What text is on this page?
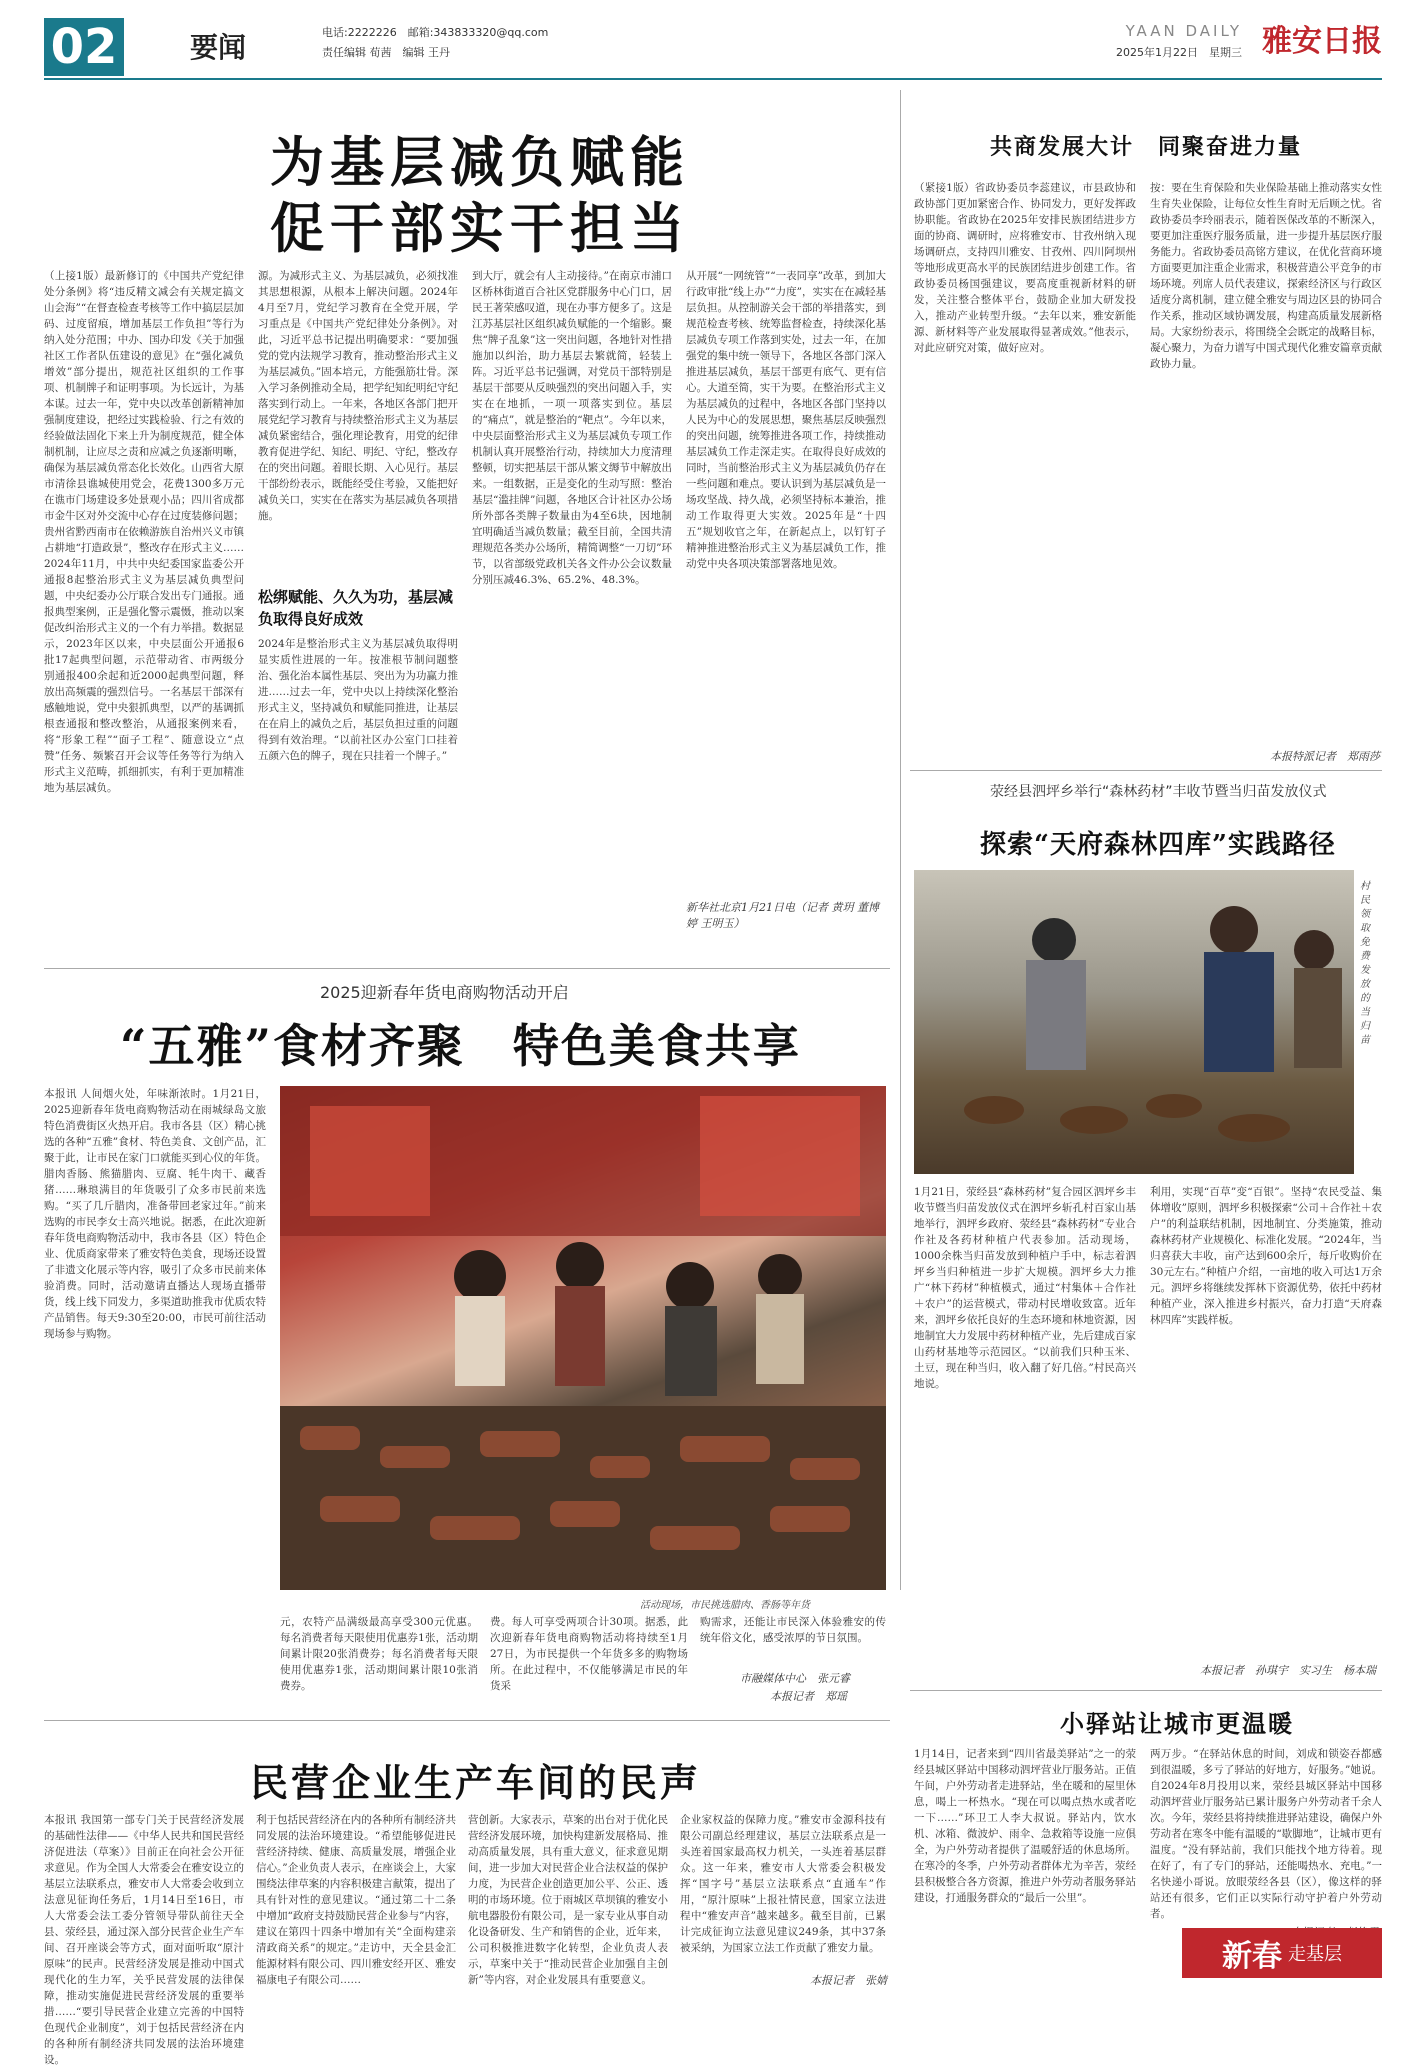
02	要闻	电话:2222226　邮箱:343833320@qq.com
责任编辑 荀茜　编辑 王丹
YAAN DAILY 雅安日报
2025年1月22日　星期三
为基层减负赋能
促干部实干担当
（上接1版）最新修订的《中国共产党纪律处分条例》将“违反精文减会有关规定搞文山会海”“在督查检查考核等工作中搞层层加码、过度留痕，增加基层工作负担”等行为纳入处分范围；中办、国办印发《关于加强社区工作者队伍建设的意见》在“强化减负增效”部分提出，规范社区组织的工作事项、机制牌子和证明事项。为长远计，为基本谋。过去一年，党中央以改革创新精神加强制度建设，把经过实践检验、行之有效的经验做法固化下来上升为制度规范，健全体制机制，让应尽之责和应减之负逐渐明晰，确保为基层减负常态化长效化。山西省大原市清徐县谯城使用党会，花费1300多万元在谯市门场建设多处景观小品；四川省成都市金牛区对外交流中心存在过度装修问题；贵州省黔西南市在依赖游族自治州兴义市镇占耕地“打造政景”，整改存在形式主义……2024年11月，中共中央纪委国家监委公开通报8起整治形式主义为基层减负典型问题，中央纪委办公厅联合发出专门通报。通报典型案例，正是强化警示震慑，推动以案促改纠治形式主义的一个有力举措。数据显示，2023年区以来，中央层面公开通报6批17起典型问题，示范带动省、市两级分别通报400余起和近2000起典型问题，释放出高频震的强烈信号。一名基层干部深有感触地说，党中央狠抓典型，以严的基调抓根查通报和整改整治，从通报案例来看，将“形象工程”“面子工程”、随意设立“点赞”任务、频繁召开会议等任务等行为纳入形式主义范畴，抓细抓实，有利于更加精准地为基层减负。
源。为减形式主义、为基层减负，必须找准其思想根源，从根本上解决问题。2024年4月至7月，党纪学习教育在全党开展，学习重点是《中国共产党纪律处分条例》。对此，习近平总书记提出明确要求：“要加强党的党内法规学习教育，推动整治形式主义为基层减负。”固本培元，方能强筋壮骨。深入学习条例推动全局，把学纪知纪明纪守纪落实到行动上。一年来，各地区各部门把开展党纪学习教育与持续整治形式主义为基层减负紧密结合，强化理论教育，用党的纪律教育促进学纪、知纪、明纪、守纪，整改存在的突出问题。着眼长期、入心见行。基层干部纷纷表示，既能经受住考验，又能把好减负关口，实实在在落实为基层减负各项措施。
松绑赋能、久久为功，基层减负取得良好成效
2024年是整治形式主义为基层减负取得明显实质性进展的一年。按准根节制问题整治、强化治本属性基层、突出为为功赢力推进……过去一年，党中央以上持续深化整治形式主义，坚持减负和赋能同推进，让基层在在肩上的减负之后，基层负担过重的问题得到有效治理。“以前社区办公室门口挂着五颜六色的牌子，现在只挂着一个牌子。”
到大厅，就会有人主动接待。”在南京市浦口区桥林街道百合社区党群服务中心门口，居民王著荣感叹道，现在办事方便多了。这是江苏基层社区组织减负赋能的一个缩影。聚焦“牌子乱象”这一突出问题，各地针对性措施加以纠治，助力基层去繁就简，轻装上阵。习近平总书记强调，对党员干部特别是基层干部要从反映强烈的突出问题入手，实实在在地抓，一项一项落实到位。基层的“痛点”，就是整治的“靶点”。今年以来，中央层面整治形式主义为基层减负专项工作机制认真开展整治行动，持续加大力度清理整顿，切实把基层干部从繁文缛节中解放出来。一组数据，正是变化的生动写照：整治基层“滥挂牌”问题，各地区合计社区办公场所外部各类牌子数量由为4至6块，因地制宜明确适当减负数量；截至目前，全国共清理规范各类办公场所，精简调整“一刀切”环节，以省部级党政机关各文件办公会议数量分别压减46.3%、65.2%、48.3%。
从开展“一网统管”“一表同享”改革，到加大行政审批“线上办”“力度”，实实在在减轻基层负担。从控制游关会干部的举措落实，到规范检查考核、统筹监督检查，持续深化基层减负专项工作落到实处，过去一年，在加强党的集中统一领导下，各地区各部门深入推进基层减负，基层干部更有底气、更有信心。大道至简，实干为要。在整治形式主义为基层减负的过程中，各地区各部门坚持以人民为中心的发展思想，聚焦基层反映强烈的突出问题，统筹推进各项工作，持续推动基层减负工作走深走实。在取得良好成效的同时，当前整治形式主义为基层减负仍存在一些问题和难点。要认识到为基层减负是一场攻坚战、持久战，必须坚持标本兼治，推动工作取得更大实效。2025年是“十四五”规划收官之年，在新起点上，以钉钉子精神推进整治形式主义为基层减负工作，推动党中央各项决策部署落地见效。
新华社北京1月21日电（记者 黄玥 董博婷 王明玉）
2025迎新春年货电商购物活动开启
“五雅”食材齐聚　特色美食共享
本报讯 人间烟火处，年味渐浓时。1月21日，2025迎新春年货电商购物活动在雨城绿岛文旅特色消费街区火热开启。我市各县（区）精心挑选的各种“五雅”食材、特色美食、文创产品，汇聚于此，让市民在家门口就能买到心仪的年货。腊肉香肠、熊猫腊肉、豆腐、牦牛肉干、藏香猪……琳琅满目的年货吸引了众多市民前来选购。“买了几斤腊肉，准备带回老家过年。”前来选购的市民李女士高兴地说。据悉，在此次迎新春年货电商购物活动中，我市各县（区）特色企业、优质商家带来了雅安特色美食，现场还设置了非遗文化展示等内容，吸引了众多市民前来体验消费。同时，活动邀请直播达人现场直播带货，线上线下同发力，多渠道助推我市优质农特产品销售。每天9:30至20:00，市民可前往活动现场参与购物。
活动现场，市民挑选腊肉、香肠等年货
元，农特产品满级最高享受300元优惠。每名消费者每天限使用优惠券1张，活动期间累计限20张消费券；每名消费者每天限使用优惠券1张，活动期间累计限10张消费券。
费。每人可享受两项合计30项。据悉，此次迎新春年货电商购物活动将持续至1月27日，为市民提供一个年货多多的购物场所。在此过程中，不仅能够满足市民的年货采
购需求，还能让市民深入体验雅安的传统年俗文化，感受浓厚的节日氛围。
市融媒体中心　张元睿
本报记者　郑瑶
民营企业生产车间的民声
本报讯 我国第一部专门关于民营经济发展的基础性法律——《中华人民共和国民营经济促进法（草案）》目前正在向社会公开征求意见。作为全国人大常委会在雅安设立的基层立法联系点，雅安市人大常委会收到立法意见征询任务后，1月14日至16日，市人大常委会法工委分管领导带队前往天全县、荥经县，通过深入部分民营企业生产车间、召开座谈会等方式，面对面听取“原汁原味”的民声。民营经济发展是推动中国式现代化的生力军，关乎民营发展的法律保障，推动实施促进民营经济发展的重要举措……“要引导民营企业建立完善的中国特色现代企业制度”，刘于包括民营经济在内的各种所有制经济共同发展的法治环境建设。
利于包括民营经济在内的各种所有制经济共同发展的法治环境建设。“希望能够促进民营经济持续、健康、高质量发展，增强企业信心。”企业负责人表示，在座谈会上，大家围绕法律草案的内容积极建言献策，提出了具有针对性的意见建议。“通过第二十二条中增加“政府支持鼓励民营企业参与”内容，建议在第四十四条中增加有关“全面构建亲清政商关系”的规定。”走访中，天全县金汇能源材料有限公司、四川雅安经开区、雅安福康电子有限公司……
营创新。大家表示，草案的出台对于优化民营经济发展环境，加快构建新发展格局、推动高质量发展，具有重大意义，征求意见期间，进一步加大对民营企业合法权益的保护力度，为民营企业创造更加公平、公正、透明的市场环境。位于雨城区草坝镇的雅安小航电器股份有限公司，是一家专业从事自动化设备研发、生产和销售的企业，近年来，公司积极推进数字化转型，企业负责人表示，草案中关于“推动民营企业加强自主创新”等内容，对企业发展具有重要意义。
企业家权益的保障力度。”雅安市金源科技有限公司副总经理建议，基层立法联系点是一头连着国家最高权力机关，一头连着基层群众。这一年来，雅安市人大常委会积极发挥“国字号”基层立法联系点“直通车”作用，“原汁原味”上报社情民意，国家立法进程中“雅安声音”越来越多。截至目前，已累计完成征询立法意见建议249条，其中37条被采纳，为国家立法工作贡献了雅安力量。
本报记者　张婧
共商发展大计　同聚奋进力量
（紧接1版）省政协委员李蕊建议，市县政协和政协部门更加紧密合作、协同发力，更好发挥政协职能。省政协在2025年安排民族团结进步方面的协商、调研时，应将雅安市、甘孜州纳入现场调研点，支持四川雅安、甘孜州、四川阿坝州等地形成更高水平的民族团结进步创建工作。省政协委员杨国强建议，要高度重视新材料的研发，关注整合整体平台，鼓励企业加大研发投入，推动产业转型升级。“去年以来，雅安新能源、新材料等产业发展取得显著成效。”他表示，对此应研究对策，做好应对。
按：要在生育保险和失业保险基础上推动落实女性生育失业保险，让每位女性生育时无后顾之忧。省政协委员李玲丽表示，随着医保改革的不断深入，要更加注重医疗服务质量，进一步提升基层医疗服务能力。省政协委员高铭方建议，在优化营商环境方面要更加注重企业需求，积极营造公平竞争的市场环境。列席人员代表建议，探索经济区与行政区适度分离机制，建立健全雅安与周边区县的协同合作关系，推动区域协调发展，构建高质量发展新格局。大家纷纷表示，将围绕全会既定的战略目标，凝心聚力，为奋力谱写中国式现代化雅安篇章贡献政协力量。
本报特派记者　郑雨莎
荥经县泗坪乡举行“森林药材”丰收节暨当归苗发放仪式
探索“天府森林四库”实践路径
村民领取免费发放的当归苗
1月21日，荥经县“森林药材”复合园区泗坪乡丰收节暨当归苗发放仪式在泗坪乡斩孔村百家山基地举行，泗坪乡政府、荥经县“森林药材”专业合作社及各药材种植户代表参加。活动现场，1000余株当归苗发放到种植户手中，标志着泗坪乡当归种植进一步扩大规模。泗坪乡大力推广“林下药材”种植模式，通过“村集体＋合作社＋农户”的运营模式，带动村民增收致富。近年来，泗坪乡依托良好的生态环境和林地资源，因地制宜大力发展中药材种植产业，先后建成百家山药材基地等示范园区。“以前我们只种玉米、土豆，现在种当归，收入翻了好几倍。”村民高兴地说。
利用，实现“百草”变“百银”。坚持“农民受益、集体增收”原则，泗坪乡积极探索“公司＋合作社＋农户”的利益联结机制，因地制宜、分类施策，推动森林药材产业规模化、标准化发展。“2024年，当归喜获大丰收，亩产达到600余斤，每斤收购价在30元左右。”种植户介绍，一亩地的收入可达1万余元。泗坪乡将继续发挥林下资源优势，依托中药材种植产业，深入推进乡村振兴，奋力打造“天府森林四库”实践样板。
本报记者　孙琪宇　实习生　杨本瑞
小驿站让城市更温暖
1月14日，记者来到“四川省最美驿站”之一的荥经县城区驿站中国移动泗坪营业厅服务站。正值午间，户外劳动者走进驿站，坐在暖和的屋里休息，喝上一杯热水。“现在可以喝点热水或者吃一下……”环卫工人李大叔说。驿站内，饮水机、冰箱、微波炉、雨伞、急救箱等设施一应俱全，为户外劳动者提供了温暖舒适的休息场所。在寒冷的冬季，户外劳动者群体尤为辛苦，荥经县积极整合各方资源，推进户外劳动者服务驿站建设，打通服务群众的“最后一公里”。
两万步。“在驿站休息的时间，刘成和锁姿吞都感到很温暖，多亏了驿站的好地方，好服务。”她说。自2024年8月投用以来，荥经县城区驿站中国移动泗坪营业厅服务站已累计服务户外劳动者千余人次。今年，荥经县将持续推进驿站建设，确保户外劳动者在寒冬中能有温暖的“歇脚地”，让城市更有温度。“没有驿站前，我们只能找个地方待着。现在好了，有了专门的驿站，还能喝热水、充电。”一名快递小哥说。放眼荥经各县（区），像这样的驿站还有很多，它们正以实际行动守护着户外劳动者。
新春 走基层
